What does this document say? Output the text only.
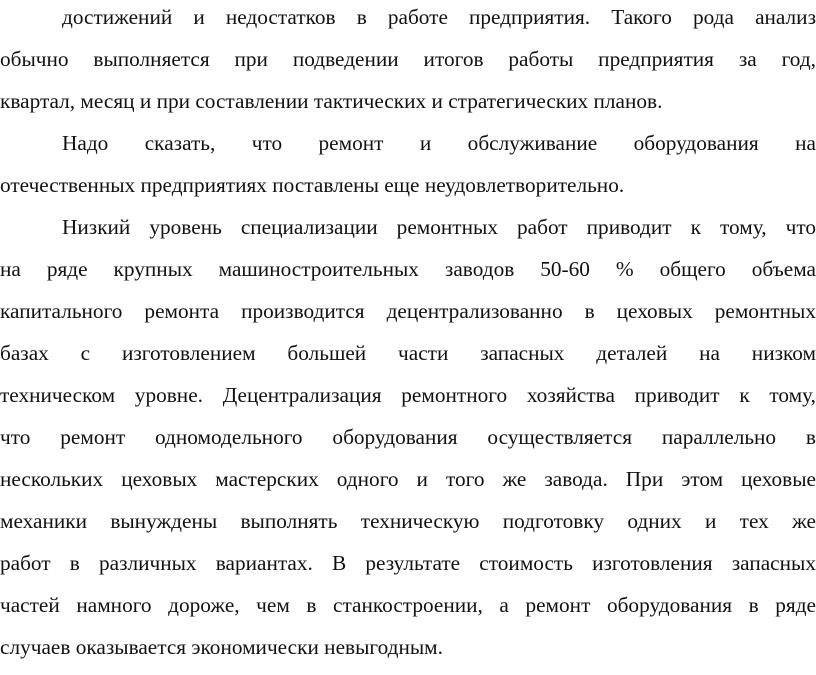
достижений и недостатков в работе предприятия. Такого рода анализ
обычно выполняется при подведении итогов работы предприятия за год,
квартал, месяц и при составлении тактических и стратегических планов.
Надо сказать, что ремонт и обслуживание оборудования на
отечественных предприятиях поставлены еще неудовлетворительно.
Низкий уровень специализации ремонтных работ приводит к тому, что
на ряде крупных машиностроительных заводов 50-60 % общего объема
капитального ремонта производится децентрализованно в цеховых ремонтных
базах с изготовлением большей части запасных деталей на низком
техническом уровне. Децентрализация ремонтного хозяйства приводит к тому,
что ремонт одномодельного оборудования осуществляется параллельно в
нескольких цеховых мастерских одного и того же завода. При этом цеховые
механики вынуждены выполнять техническую подготовку одних и тех же
работ в различных вариантах. В результате стоимость изготовления запасных
частей намного дороже, чем в станкостроении, а ремонт оборудования в ряде
случаев оказывается экономически невыгодным.
